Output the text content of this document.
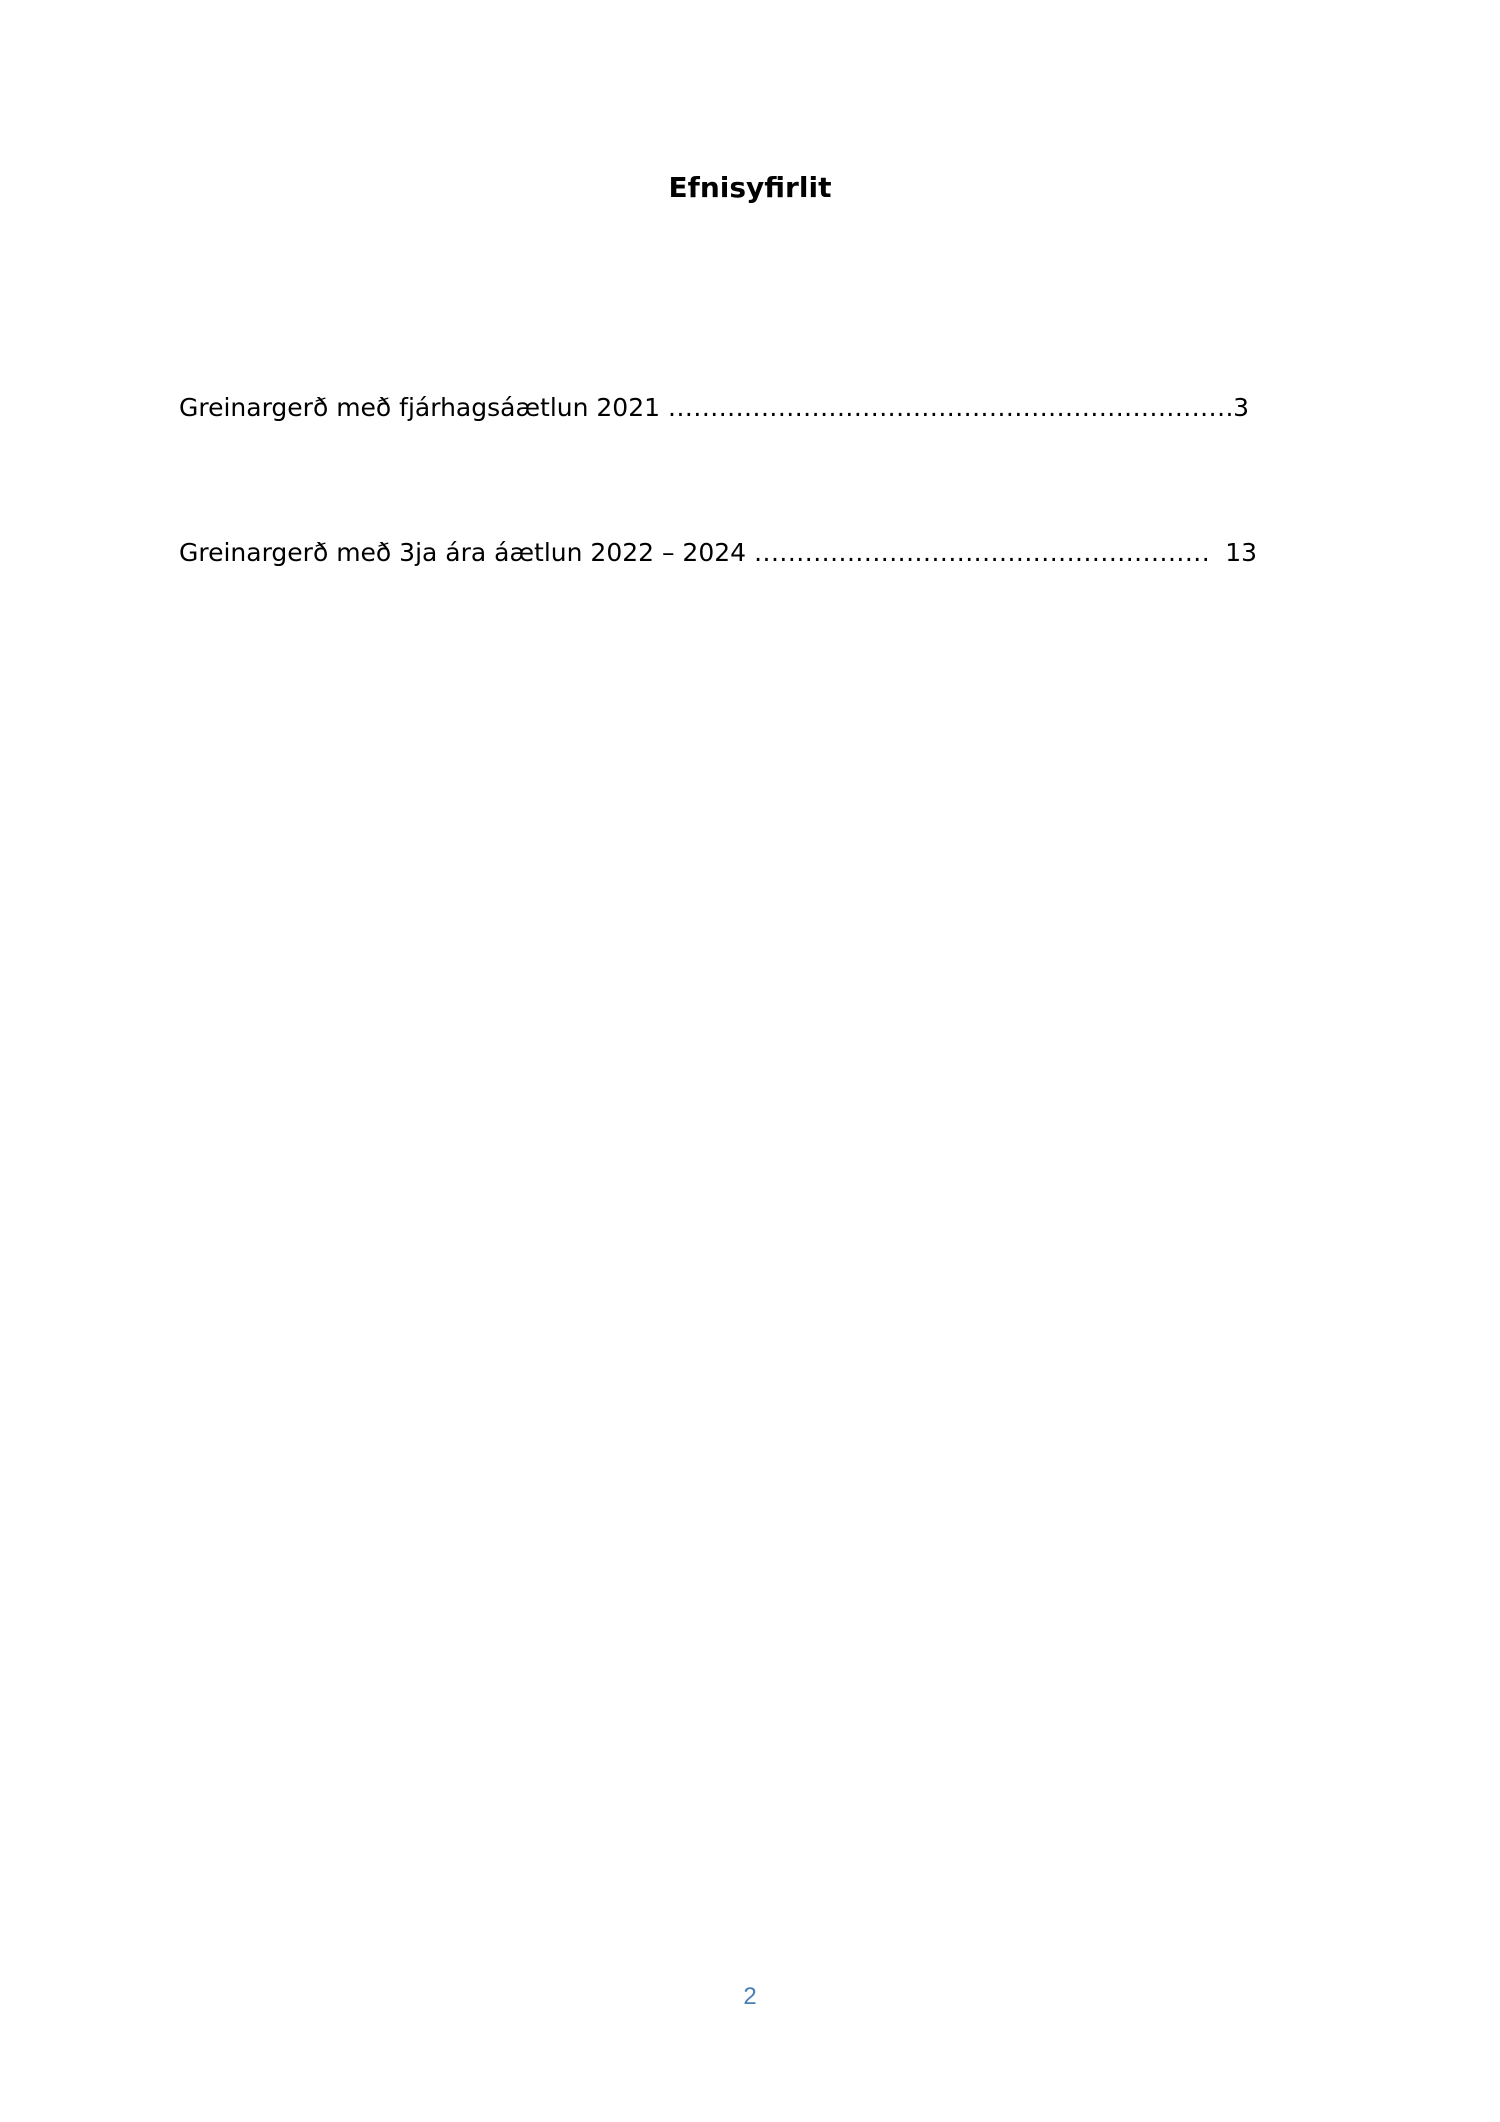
Efnisyfirlit
Greinargerð með fjárhagsáætlun 2021 .....	3
Greinargerð með 3ja ára áætlun 2022 – 2024 .....	13
2
